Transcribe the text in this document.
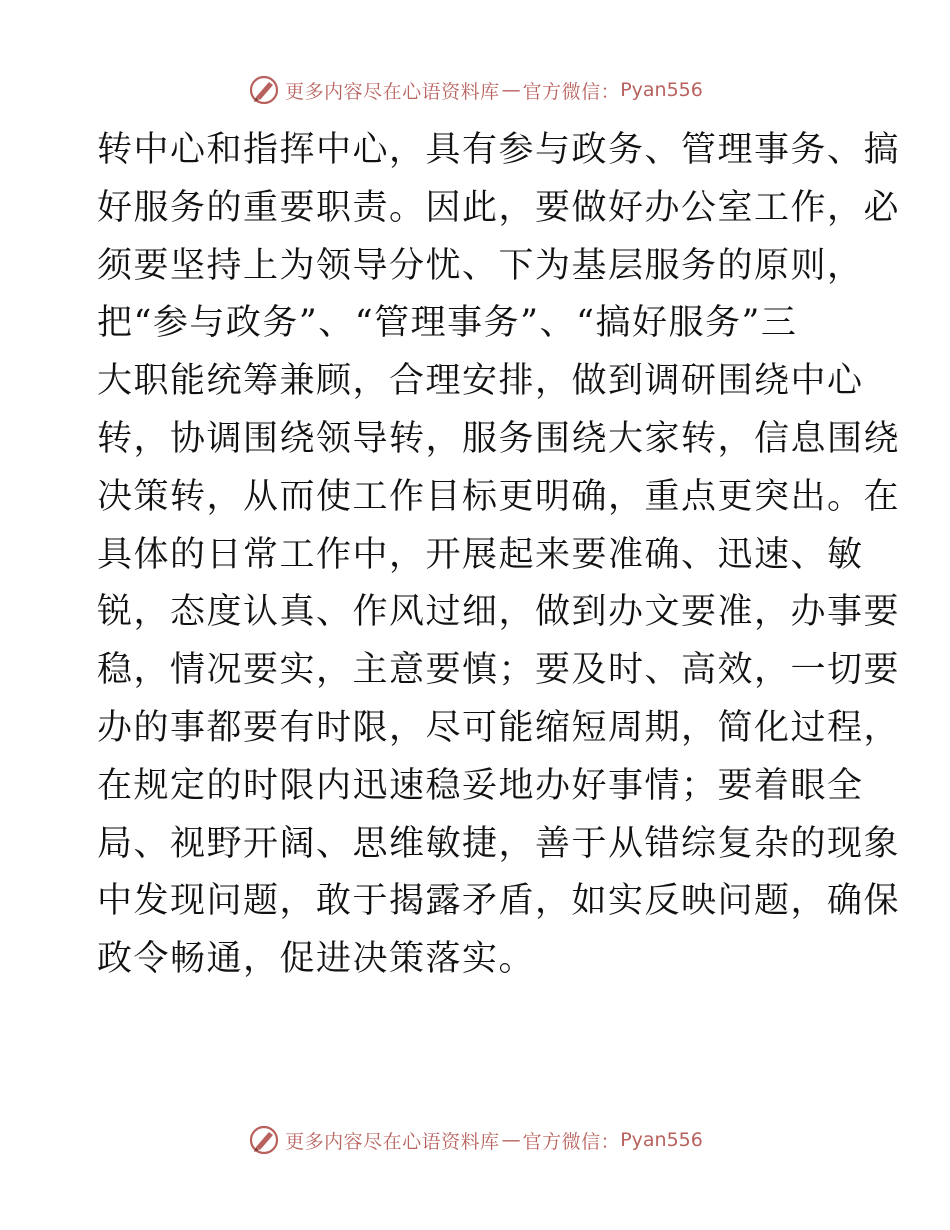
更多内容尽在心语资料库 — 官方微信： Pyan556
转中心和指挥中心，具有参与政务、管理事务、搞
好服务的重要职责。因此，要做好办公室工作，必
须要坚持上为领导分忧、下为基层服务的原则，
把“参与政务”、“管理事务”、“搞好服务”三
大职能统筹兼顾，合理安排，做到调研围绕中心
转，协调围绕领导转，服务围绕大家转，信息围绕
决策转，从而使工作目标更明确，重点更突出。在
具体的日常工作中，开展起来要准确、迅速、敏
锐，态度认真、作风过细，做到办文要准，办事要
稳，情况要实，主意要慎；要及时、高效，一切要
办的事都要有时限，尽可能缩短周期，简化过程，
在规定的时限内迅速稳妥地办好事情；要着眼全
局、视野开阔、思维敏捷，善于从错综复杂的现象
中发现问题，敢于揭露矛盾，如实反映问题，确保
政令畅通，促进决策落实。
更多内容尽在心语资料库 — 官方微信： Pyan556
